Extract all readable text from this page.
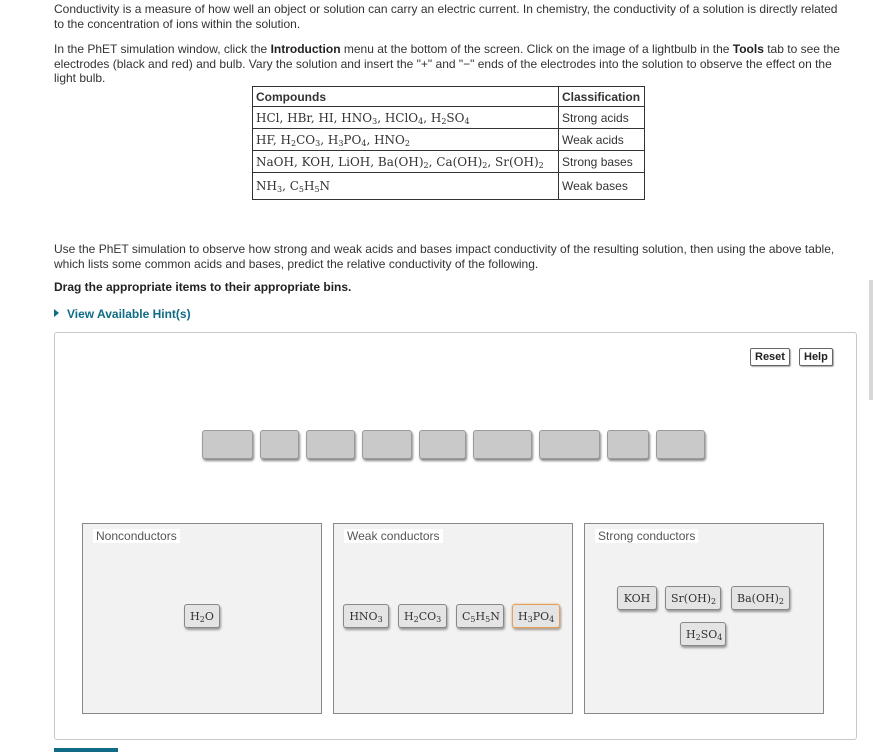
Conductivity is a measure of how well an object or solution can carry an electric current. In chemistry, the conductivity of a solution is directly related to the concentration of ions within the solution.
In the PhET simulation window, click the Introduction menu at the bottom of the screen. Click on the image of a lightbulb in the Tools tab to see the electrodes (black and red) and bulb. Vary the solution and insert the "+" and "−" ends of the electrodes into the solution to observe the effect on the light bulb.
Compounds	Classification
HCl, HBr, HI, $HNO_3$, HClO$_4$, $H_2SO_4$	Strong acids
HF, $H_2CO_3$, $H_3PO_4$, $HNO_2$	Weak acids
NaOH, KOH, LiOH, $Ba(OH)_2$, $Ca(OH)_2$, $Sr(OH)_2$	Strong bases
$NH_3$, $C_5H_5N$	Weak bases
Use the PhET simulation to observe how strong and weak acids and bases impact conductivity of the resulting solution, then using the above table, which lists some common acids and bases, predict the relative conductivity of the following.
Drag the appropriate items to their appropriate bins.
View Available Hint(s)
Reset	Help
Nonconductors	Weak conductors	Strong conductors
$H_2O$	$HNO_3$	$H_2CO_3$	$C_5H_5N$	$H_3PO_4$
KOH	$Sr(OH)_2$	$Ba(OH)_2$
$H_2SO_4$
